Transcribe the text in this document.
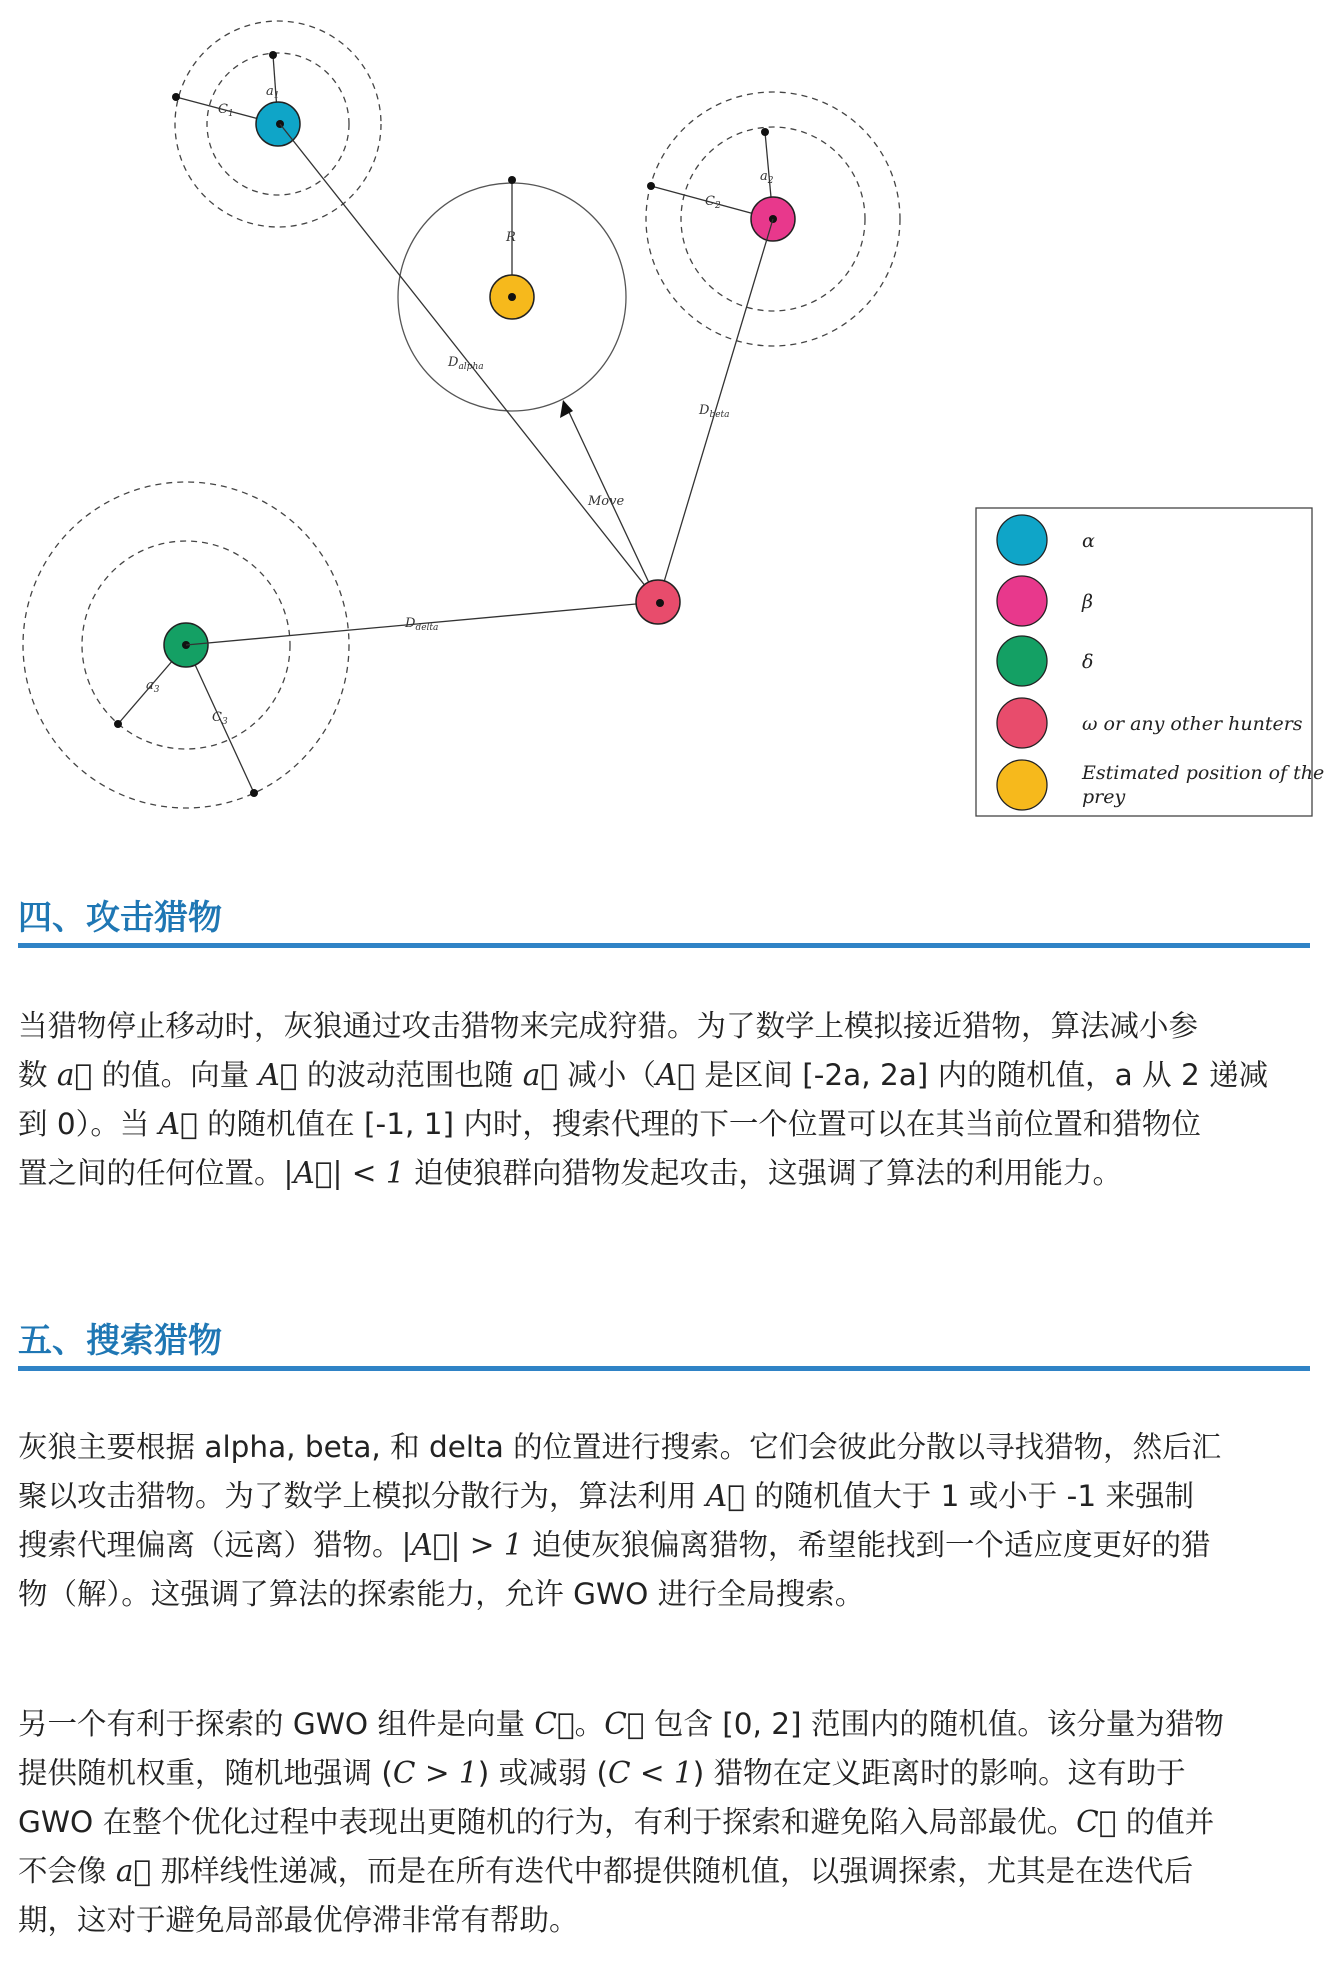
$a_1$
$C_1$
$a_2$
$C_2$
R
$a_3$
$C_3$
$D_{alpha}$
$D_{beta}$
$D_{delta}$
Move
α
β
δ
ω or any other hunters
Estimated position of the
prey
四、攻击猎物
当猎物停止移动时，灰狼通过攻击猎物来完成狩猎。为了数学上模拟接近猎物，算法减小参
数 a⃗ 的值。向量 A⃗ 的波动范围也随 a⃗ 减小（A⃗ 是区间 [-2a, 2a] 内的随机值，a 从 2 递减
到 0）。当 A⃗ 的随机值在 [-1, 1] 内时，搜索代理的下一个位置可以在其当前位置和猎物位
置之间的任何位置。|A⃗| < 1 迫使狼群向猎物发起攻击，这强调了算法的利用能力。
五、搜索猎物
灰狼主要根据 alpha, beta, 和 delta 的位置进行搜索。它们会彼此分散以寻找猎物，然后汇
聚以攻击猎物。为了数学上模拟分散行为，算法利用 A⃗ 的随机值大于 1 或小于 -1 来强制
搜索代理偏离（远离）猎物。|A⃗| > 1 迫使灰狼偏离猎物，希望能找到一个适应度更好的猎
物（解）。这强调了算法的探索能力，允许 GWO 进行全局搜索。
另一个有利于探索的 GWO 组件是向量 C⃗。C⃗ 包含 [0, 2] 范围内的随机值。该分量为猎物
提供随机权重，随机地强调 (C > 1) 或减弱 (C < 1) 猎物在定义距离时的影响。这有助于
GWO 在整个优化过程中表现出更随机的行为，有利于探索和避免陷入局部最优。C⃗ 的值并
不会像 a⃗ 那样线性递减，而是在所有迭代中都提供随机值，以强调探索，尤其是在迭代后
期，这对于避免局部最优停滞非常有帮助。
